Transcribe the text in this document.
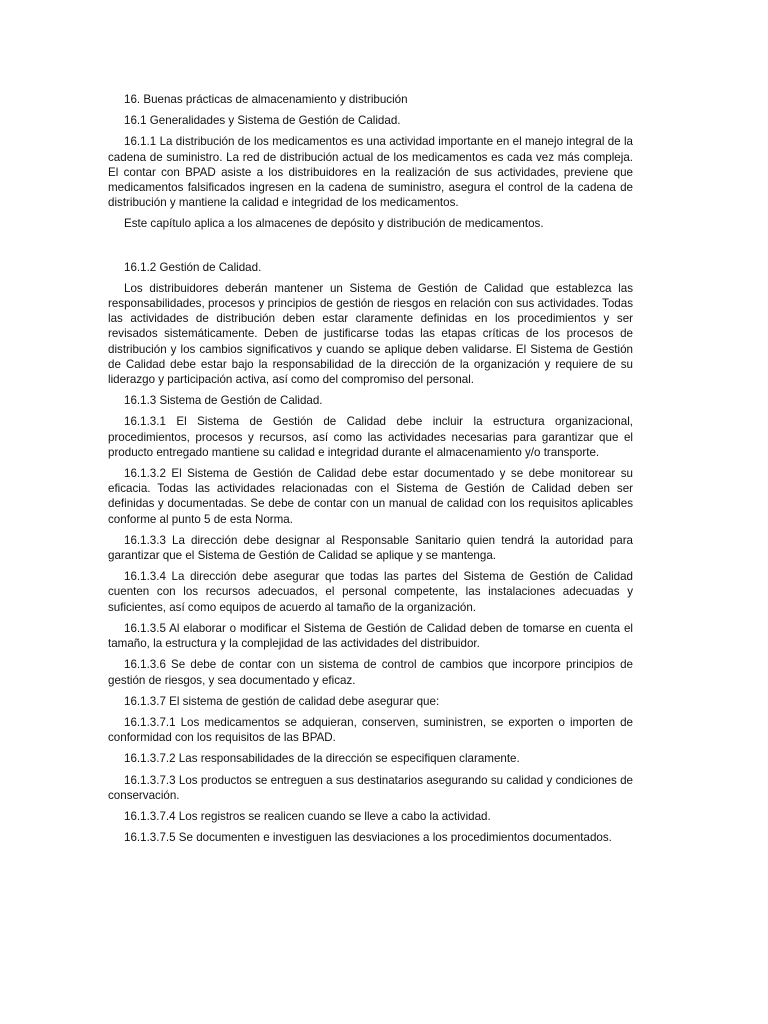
16. Buenas prácticas de almacenamiento y distribución

16.1 Generalidades y Sistema de Gestión de Calidad.

16.1.1 La distribución de los medicamentos es una actividad importante en el manejo integral de la cadena de suministro. La red de distribución actual de los medicamentos es cada vez más compleja. El contar con BPAD asiste a los distribuidores en la realización de sus actividades, previene que medicamentos falsificados ingresen en la cadena de suministro, asegura el control de la cadena de distribución y mantiene la calidad e integridad de los medicamentos.

Este capítulo aplica a los almacenes de depósito y distribución de medicamentos.

16.1.2 Gestión de Calidad.

Los distribuidores deberán mantener un Sistema de Gestión de Calidad que establezca las responsabilidades, procesos y principios de gestión de riesgos en relación con sus actividades. Todas las actividades de distribución deben estar claramente definidas en los procedimientos y ser revisados sistemáticamente. Deben de justificarse todas las etapas críticas de los procesos de distribución y los cambios significativos y cuando se aplique deben validarse. El Sistema de Gestión de Calidad debe estar bajo la responsabilidad de la dirección de la organización y requiere de su liderazgo y participación activa, así como del compromiso del personal.

16.1.3 Sistema de Gestión de Calidad.

16.1.3.1 El Sistema de Gestión de Calidad debe incluir la estructura organizacional, procedimientos, procesos y recursos, así como las actividades necesarias para garantizar que el producto entregado mantiene su calidad e integridad durante el almacenamiento y/o transporte.

16.1.3.2 El Sistema de Gestión de Calidad debe estar documentado y se debe monitorear su eficacia. Todas las actividades relacionadas con el Sistema de Gestión de Calidad deben ser definidas y documentadas. Se debe de contar con un manual de calidad con los requisitos aplicables conforme al punto 5 de esta Norma.

16.1.3.3 La dirección debe designar al Responsable Sanitario quien tendrá la autoridad para garantizar que el Sistema de Gestión de Calidad se aplique y se mantenga.

16.1.3.4 La dirección debe asegurar que todas las partes del Sistema de Gestión de Calidad cuenten con los recursos adecuados, el personal competente, las instalaciones adecuadas y suficientes, así como equipos de acuerdo al tamaño de la organización.

16.1.3.5 Al elaborar o modificar el Sistema de Gestión de Calidad deben de tomarse en cuenta el tamaño, la estructura y la complejidad de las actividades del distribuidor.

16.1.3.6 Se debe de contar con un sistema de control de cambios que incorpore principios de gestión de riesgos, y sea documentado y eficaz.

16.1.3.7 El sistema de gestión de calidad debe asegurar que:

16.1.3.7.1 Los medicamentos se adquieran, conserven, suministren, se exporten o importen de conformidad con los requisitos de las BPAD.

16.1.3.7.2 Las responsabilidades de la dirección se especifiquen claramente.

16.1.3.7.3 Los productos se entreguen a sus destinatarios asegurando su calidad y condiciones de conservación.

16.1.3.7.4 Los registros se realicen cuando se lleve a cabo la actividad.

16.1.3.7.5 Se documenten e investiguen las desviaciones a los procedimientos documentados.
